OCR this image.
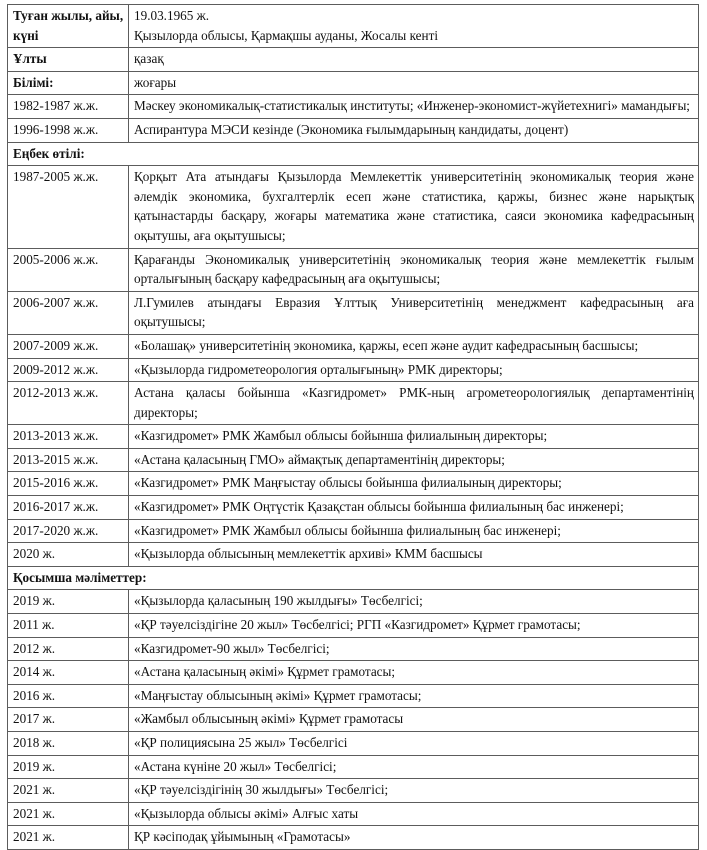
Туған жылы, айы, күні	19.03.1965 ж.
Қызылорда облысы, Қармақшы ауданы, Жосалы кенті

Ұлты	қазақ

Білімі:	жоғары

1982-1987 ж.ж.	Мәскеу экономикалық-статистикалық институты; «Инженер-экономист-жүйетехнигі» мамандығы;

1996-1998 ж.ж.	Аспирантура МЭСИ кезінде (Экономика ғылымдарының кандидаты, доцент)

Еңбек өтілі:	
1987-2005 ж.ж.	Қорқыт Ата атындағы Қызылорда Мемлекеттік университетінің экономикалық теория және әлемдік экономика, бухгалтерлік есеп және статистика, қаржы, бизнес және нарықтық қатынастарды басқару, жоғары математика және статистика, саяси экономика кафедрасының оқытушы, аға оқытушысы;

2005-2006 ж.ж.	Қарағанды Экономикалық университетінің экономикалық теория және мемлекеттік ғылым орталығының басқару кафедрасының аға оқытушысы;

2006-2007 ж.ж.	Л.Гумилев атындағы Евразия Ұлттық Университетінің менеджмент кафедрасының аға оқытушысы;

2007-2009 ж.ж.	«Болашақ» университетінің экономика, қаржы, есеп және аудит кафедрасының басшысы;

2009-2012 ж.ж.	«Қызылорда гидрометеорология орталығының» РМК директоры;

2012-2013 ж.ж.	Астана қаласы бойынша «Казгидромет» РМК-ның агрометеорологиялық департаментінің директоры;

2013-2013 ж.ж.	«Казгидромет» РМК Жамбыл облысы бойынша филиалының директоры;

2013-2015 ж.ж.	«Астана қаласының ГМО» аймақтық департаментінің директоры;

2015-2016 ж.ж.	«Казгидромет» РМК Маңғыстау облысы бойынша филиалының директоры;

2016-2017 ж.ж.	«Казгидромет» РМК Оңтүстік Қазақстан облысы бойынша филиалының бас инженері;

2017-2020 ж.ж.	«Казгидромет» РМК Жамбыл облысы бойынша филиалының бас инженері;

2020 ж.	«Қызылорда облысының мемлекеттік архиві» КММ басшысы

Қосымша мәліметтер:	
2019 ж.	«Қызылорда қаласының 190 жылдығы» Төсбелгісі;

2011 ж.	«ҚР тәуелсіздігіне 20 жыл» Төсбелгісі; РГП «Казгидромет» Құрмет грамотасы;

2012 ж.	«Казгидромет-90 жыл» Төсбелгісі;

2014 ж.	«Астана қаласының әкімі» Құрмет грамотасы;

2016 ж.	«Маңғыстау облысының әкімі» Құрмет грамотасы;

2017 ж.	«Жамбыл облысының әкімі» Құрмет грамотасы

2018 ж.	«ҚР полициясына 25 жыл» Төсбелгісі

2019 ж.	«Астана күніне 20 жыл» Төсбелгісі;

2021 ж.	«ҚР тәуелсіздігінің 30 жылдығы» Төсбелгісі;

2021 ж.	«Қызылорда облысы әкімі» Алғыс хаты

2021 ж.	ҚР кәсіподақ ұйымының «Грамотасы»
